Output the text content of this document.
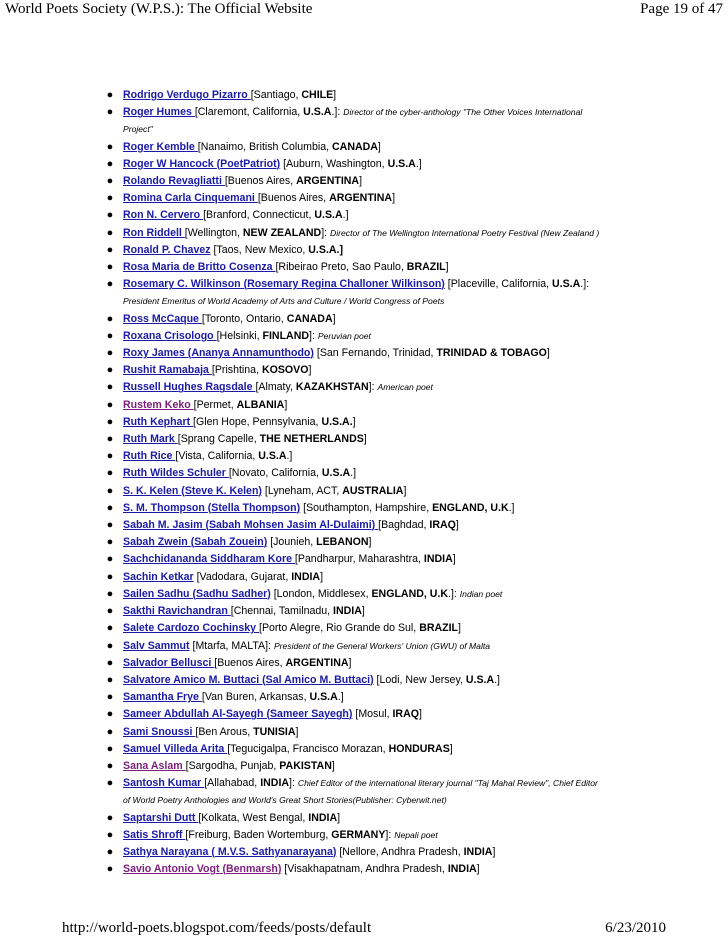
World Poets Society (W.P.S.): The Official Website	Page 19 of 47
● Rodrigo Verdugo Pizarro [Santiago, CHILE]
● Roger Humes [Claremont, California, U.S.A.]: Director of the cyber-anthology "The Other Voices International
Project"
● Roger Kemble [Nanaimo, British Columbia, CANADA]
● Roger W Hancock (PoetPatriot) [Auburn, Washington, U.S.A.]
● Rolando Revagliatti [Buenos Aires, ARGENTINA]
● Romina Carla Cinquemani [Buenos Aires, ARGENTINA]
● Ron N. Cervero [Branford, Connecticut, U.S.A.]
● Ron Riddell [Wellington, NEW ZEALAND]: Director of The Wellington International Poetry Festival (New Zealand )
● Ronald P. Chavez [Taos, New Mexico, U.S.A.]
● Rosa Maria de Britto Cosenza [Ribeirao Preto, Sao Paulo, BRAZIL]
● Rosemary C. Wilkinson (Rosemary Regina Challoner Wilkinson) [Placeville, California, U.S.A.]:
President Emeritus of World Academy of Arts and Culture / World Congress of Poets
● Ross McCaque [Toronto, Ontario, CANADA]
● Roxana Crisologo [Helsinki, FINLAND]: Peruvian poet
● Roxy James (Ananya Annamunthodo) [San Fernando, Trinidad, TRINIDAD & TOBAGO]
● Rushit Ramabaja [Prishtina, KOSOVO]
● Russell Hughes Ragsdale [Almaty, KAZAKHSTAN]: American poet
● Rustem Keko [Permet, ALBANIA]
● Ruth Kephart [Glen Hope, Pennsylvania, U.S.A.]
● Ruth Mark [Sprang Capelle, THE NETHERLANDS]
● Ruth Rice [Vista, California, U.S.A.]
● Ruth Wildes Schuler [Novato, California, U.S.A.]
● S. K. Kelen (Steve K. Kelen) [Lyneham, ACT, AUSTRALIA]
● S. M. Thompson (Stella Thompson) [Southampton, Hampshire, ENGLAND, U.K.]
● Sabah M. Jasim (Sabah Mohsen Jasim Al-Dulaimi) [Baghdad, IRAQ]
● Sabah Zwein (Sabah Zouein) [Jounieh, LEBANON]
● Sachchidananda Siddharam Kore [Pandharpur, Maharashtra, INDIA]
● Sachin Ketkar [Vadodara, Gujarat, INDIA]
● Sailen Sadhu (Sadhu Sadher) [London, Middlesex, ENGLAND, U.K.]: Indian poet
● Sakthi Ravichandran [Chennai, Tamilnadu, INDIA]
● Salete Cardozo Cochinsky [Porto Alegre, Rio Grande do Sul, BRAZIL]
● Salv Sammut [Mtarfa, MALTA]: President of the General Workers' Union (GWU) of Malta
● Salvador Bellusci [Buenos Aires, ARGENTINA]
● Salvatore Amico M. Buttaci (Sal Amico M. Buttaci) [Lodi, New Jersey, U.S.A.]
● Samantha Frye [Van Buren, Arkansas, U.S.A.]
● Sameer Abdullah Al-Sayegh (Sameer Sayegh) [Mosul, IRAQ]
● Sami Snoussi [Ben Arous, TUNISIA]
● Samuel Villeda Arita [Tegucigalpa, Francisco Morazan, HONDURAS]
● Sana Aslam [Sargodha, Punjab, PAKISTAN]
● Santosh Kumar [Allahabad, INDIA]: Chief Editor of the international literary journal "Taj Mahal Review", Chief Editor
of World Poetry Anthologies and World's Great Short Stories(Publisher: Cyberwit.net)
● Saptarshi Dutt [Kolkata, West Bengal, INDIA]
● Satis Shroff [Freiburg, Baden Wortemburg, GERMANY]: Nepali poet
● Sathya Narayana ( M.V.S. Sathyanarayana) [Nellore, Andhra Pradesh, INDIA]
● Savio Antonio Vogt (Benmarsh) [Visakhapatnam, Andhra Pradesh, INDIA]
http://world-poets.blogspot.com/feeds/posts/default	6/23/2010
